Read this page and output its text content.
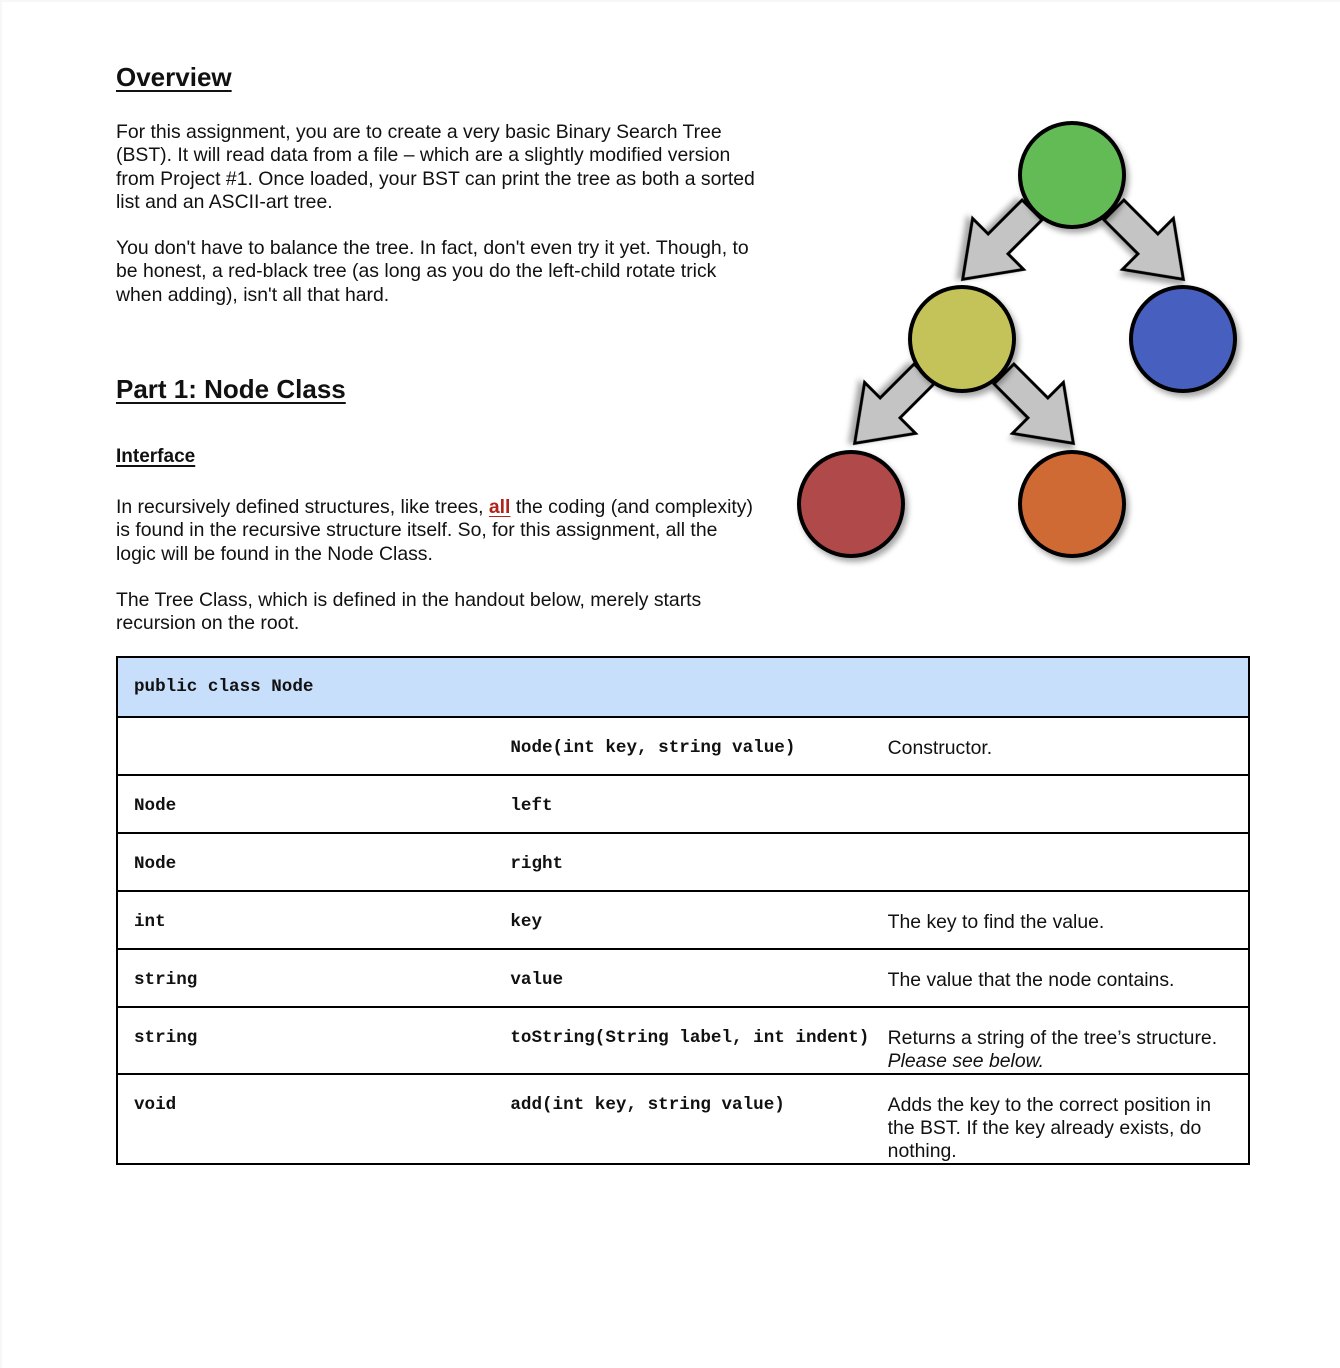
Overview

For this assignment, you are to create a very basic Binary Search Tree (BST). It will read data from a file – which are a slightly modified version from Project #1. Once loaded, your BST can print the tree as both a sorted list and an ASCII-art tree.

You don't have to balance the tree. In fact, don't even try it yet. Though, to be honest, a red-black tree (as long as you do the left-child rotate trick when adding), isn't all that hard.

Part 1: Node Class
Interface

In recursively defined structures, like trees, all the coding (and complexity) is found in the recursive structure itself. So, for this assignment, all the logic will be found in the Node Class.

The Tree Class, which is defined in the handout below, merely starts recursion on the root.

public class Node		
	Node(int key, string value)	Constructor.
Node	left	
Node	right	
int	key	The key to find the value.
string	value	The value that the node contains.
string	toString(String label, int indent)	Returns a string of the tree’s structure. Please see below.
void	add(int key, string value)	Adds the key to the correct position in the BST. If the key already exists, do nothing.
